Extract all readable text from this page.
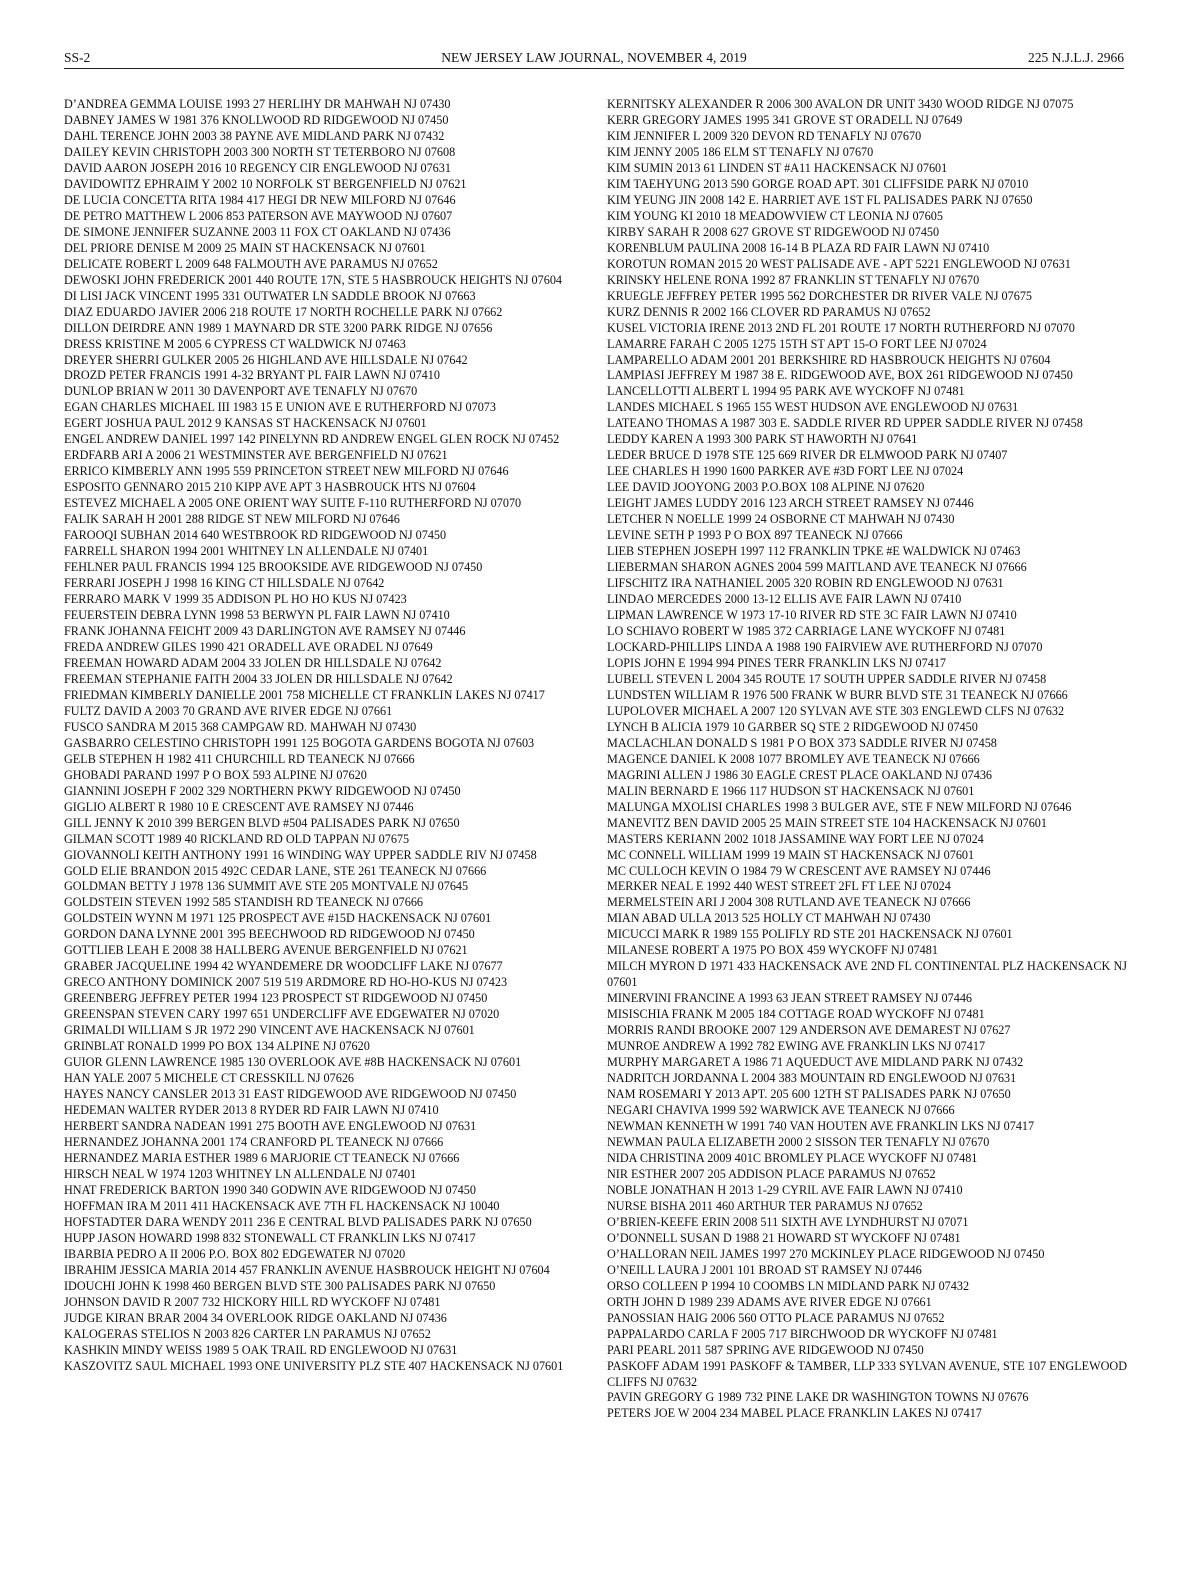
SS-2	NEW JERSEY LAW JOURNAL, NOVEMBER 4, 2019	225 N.J.L.J. 2966

D’ANDREA GEMMA LOUISE 1993 27 HERLIHY DR MAHWAH NJ 07430

DABNEY JAMES W 1981 376 KNOLLWOOD RD RIDGEWOOD NJ 07450

DAHL TERENCE JOHN 2003 38 PAYNE AVE MIDLAND PARK NJ 07432

DAILEY KEVIN CHRISTOPH 2003 300 NORTH ST TETERBORO NJ 07608

DAVID AARON JOSEPH 2016 10 REGENCY CIR ENGLEWOOD NJ 07631

DAVIDOWITZ EPHRAIM Y 2002 10 NORFOLK ST BERGENFIELD NJ 07621

DE LUCIA CONCETTA RITA 1984 417 HEGI DR NEW MILFORD NJ 07646

DE PETRO MATTHEW L 2006 853 PATERSON AVE MAYWOOD NJ 07607

DE SIMONE JENNIFER SUZANNE 2003 11 FOX CT OAKLAND NJ 07436

DEL PRIORE DENISE M 2009 25 MAIN ST HACKENSACK NJ 07601

DELICATE ROBERT L 2009 648 FALMOUTH AVE PARAMUS NJ 07652

DEWOSKI JOHN FREDERICK 2001 440 ROUTE 17N, STE 5 HASBROUCK HEIGHTS NJ 07604

DI LISI JACK VINCENT 1995 331 OUTWATER LN SADDLE BROOK NJ 07663

DIAZ EDUARDO JAVIER 2006 218 ROUTE 17 NORTH ROCHELLE PARK NJ 07662

DILLON DEIRDRE ANN 1989 1 MAYNARD DR STE 3200 PARK RIDGE NJ 07656

DRESS KRISTINE M 2005 6 CYPRESS CT WALDWICK NJ 07463

DREYER SHERRI GULKER 2005 26 HIGHLAND AVE HILLSDALE NJ 07642

DROZD PETER FRANCIS 1991 4-32 BRYANT PL FAIR LAWN NJ 07410

DUNLOP BRIAN W 2011 30 DAVENPORT AVE TENAFLY NJ 07670

EGAN CHARLES MICHAEL III 1983 15 E UNION AVE E RUTHERFORD NJ 07073

EGERT JOSHUA PAUL 2012 9 KANSAS ST HACKENSACK NJ 07601

ENGEL ANDREW DANIEL 1997 142 PINELYNN RD ANDREW ENGEL GLEN ROCK NJ 07452

ERDFARB ARI A 2006 21 WESTMINSTER AVE BERGENFIELD NJ 07621

ERRICO KIMBERLY ANN 1995 559 PRINCETON STREET NEW MILFORD NJ 07646

ESPOSITO GENNARO 2015 210 KIPP AVE APT 3 HASBROUCK HTS NJ 07604

ESTEVEZ MICHAEL A 2005 ONE ORIENT WAY SUITE F-110 RUTHERFORD NJ 07070

FALIK SARAH H 2001 288 RIDGE ST NEW MILFORD NJ 07646

FAROOQI SUBHAN 2014 640 WESTBROOK RD RIDGEWOOD NJ 07450

FARRELL SHARON 1994 2001 WHITNEY LN ALLENDALE NJ 07401

FEHLNER PAUL FRANCIS 1994 125 BROOKSIDE AVE RIDGEWOOD NJ 07450

FERRARI JOSEPH J 1998 16 KING CT HILLSDALE NJ 07642

FERRARO MARK V 1999 35 ADDISON PL HO HO KUS NJ 07423

FEUERSTEIN DEBRA LYNN 1998 53 BERWYN PL FAIR LAWN NJ 07410

FRANK JOHANNA FEICHT 2009 43 DARLINGTON AVE RAMSEY NJ 07446

FREDA ANDREW GILES 1990 421 ORADELL AVE ORADEL NJ 07649

FREEMAN HOWARD ADAM 2004 33 JOLEN DR HILLSDALE NJ 07642

FREEMAN STEPHANIE FAITH 2004 33 JOLEN DR HILLSDALE NJ 07642

FRIEDMAN KIMBERLY DANIELLE 2001 758 MICHELLE CT FRANKLIN LAKES NJ 07417

FULTZ DAVID A 2003 70 GRAND AVE RIVER EDGE NJ 07661

FUSCO SANDRA M 2015 368 CAMPGAW RD. MAHWAH NJ 07430

GASBARRO CELESTINO CHRISTOPH 1991 125 BOGOTA GARDENS BOGOTA NJ 07603

GELB STEPHEN H 1982 411 CHURCHILL RD TEANECK NJ 07666

GHOBADI PARAND 1997 P O BOX 593 ALPINE NJ 07620

GIANNINI JOSEPH F 2002 329 NORTHERN PKWY RIDGEWOOD NJ 07450

GIGLIO ALBERT R 1980 10 E CRESCENT AVE RAMSEY NJ 07446

GILL JENNY K 2010 399 BERGEN BLVD #504 PALISADES PARK NJ 07650

GILMAN SCOTT 1989 40 RICKLAND RD OLD TAPPAN NJ 07675

GIOVANNOLI KEITH ANTHONY 1991 16 WINDING WAY UPPER SADDLE RIV NJ 07458

GOLD ELIE BRANDON 2015 492C CEDAR LANE, STE 261 TEANECK NJ 07666

GOLDMAN BETTY J 1978 136 SUMMIT AVE STE 205 MONTVALE NJ 07645

GOLDSTEIN STEVEN 1992 585 STANDISH RD TEANECK NJ 07666

GOLDSTEIN WYNN M 1971 125 PROSPECT AVE #15D HACKENSACK NJ 07601

GORDON DANA LYNNE 2001 395 BEECHWOOD RD RIDGEWOOD NJ 07450

GOTTLIEB LEAH E 2008 38 HALLBERG AVENUE BERGENFIELD NJ 07621

GRABER JACQUELINE 1994 42 WYANDEMERE DR WOODCLIFF LAKE NJ 07677

GRECO ANTHONY DOMINICK 2007 519 519 ARDMORE RD HO-HO-KUS NJ 07423

GREENBERG JEFFREY PETER 1994 123 PROSPECT ST RIDGEWOOD NJ 07450

GREENSPAN STEVEN CARY 1997 651 UNDERCLIFF AVE EDGEWATER NJ 07020

GRIMALDI WILLIAM S JR 1972 290 VINCENT AVE HACKENSACK NJ 07601

GRINBLAT RONALD 1999 PO BOX 134 ALPINE NJ 07620

GUIOR GLENN LAWRENCE 1985 130 OVERLOOK AVE #8B HACKENSACK NJ 07601

HAN YALE 2007 5 MICHELE CT CRESSKILL NJ 07626

HAYES NANCY CANSLER 2013 31 EAST RIDGEWOOD AVE RIDGEWOOD NJ 07450

HEDEMAN WALTER RYDER 2013 8 RYDER RD FAIR LAWN NJ 07410

HERBERT SANDRA NADEAN 1991 275 BOOTH AVE ENGLEWOOD NJ 07631

HERNANDEZ JOHANNA 2001 174 CRANFORD PL TEANECK NJ 07666

HERNANDEZ MARIA ESTHER 1989 6 MARJORIE CT TEANECK NJ 07666

HIRSCH NEAL W 1974 1203 WHITNEY LN ALLENDALE NJ 07401

HNAT FREDERICK BARTON 1990 340 GODWIN AVE RIDGEWOOD NJ 07450

HOFFMAN IRA M 2011 411 HACKENSACK AVE 7TH FL HACKENSACK NJ 10040

HOFSTADTER DARA WENDY 2011 236 E CENTRAL BLVD PALISADES PARK NJ 07650

HUPP JASON HOWARD 1998 832 STONEWALL CT FRANKLIN LKS NJ 07417

IBARBIA PEDRO A II 2006 P.O. BOX 802 EDGEWATER NJ 07020

IBRAHIM JESSICA MARIA 2014 457 FRANKLIN AVENUE HASBROUCK HEIGHT NJ 07604

IDOUCHI JOHN K 1998 460 BERGEN BLVD STE 300 PALISADES PARK NJ 07650

JOHNSON DAVID R 2007 732 HICKORY HILL RD WYCKOFF NJ 07481

JUDGE KIRAN BRAR 2004 34 OVERLOOK RIDGE OAKLAND NJ 07436

KALOGERAS STELIOS N 2003 826 CARTER LN PARAMUS NJ 07652

KASHKIN MINDY WEISS 1989 5 OAK TRAIL RD ENGLEWOOD NJ 07631

KASZOVITZ SAUL MICHAEL 1993 ONE UNIVERSITY PLZ STE 407 HACKENSACK NJ 07601

KERNITSKY ALEXANDER R 2006 300 AVALON DR UNIT 3430 WOOD RIDGE NJ 07075

KERR GREGORY JAMES 1995 341 GROVE ST ORADELL NJ 07649

KIM JENNIFER L 2009 320 DEVON RD TENAFLY NJ 07670

KIM JENNY 2005 186 ELM ST TENAFLY NJ 07670

KIM SUMIN 2013 61 LINDEN ST #A11 HACKENSACK NJ 07601

KIM TAEHYUNG 2013 590 GORGE ROAD APT. 301 CLIFFSIDE PARK NJ 07010

KIM YEUNG JIN 2008 142 E. HARRIET AVE 1ST FL PALISADES PARK NJ 07650

KIM YOUNG KI 2010 18 MEADOWVIEW CT LEONIA NJ 07605

KIRBY SARAH R 2008 627 GROVE ST RIDGEWOOD NJ 07450

KORENBLUM PAULINA 2008 16-14 B PLAZA RD FAIR LAWN NJ 07410

KOROTUN ROMAN 2015 20 WEST PALISADE AVE - APT 5221 ENGLEWOOD NJ 07631

KRINSKY HELENE RONA 1992 87 FRANKLIN ST TENAFLY NJ 07670

KRUEGLE JEFFREY PETER 1995 562 DORCHESTER DR RIVER VALE NJ 07675

KURZ DENNIS R 2002 166 CLOVER RD PARAMUS NJ 07652

KUSEL VICTORIA IRENE 2013 2ND FL 201 ROUTE 17 NORTH RUTHERFORD NJ 07070

LAMARRE FARAH C 2005 1275 15TH ST APT 15-O FORT LEE NJ 07024

LAMPARELLO ADAM 2001 201 BERKSHIRE RD HASBROUCK HEIGHTS NJ 07604

LAMPIASI JEFFREY M 1987 38 E. RIDGEWOOD AVE, BOX 261 RIDGEWOOD NJ 07450

LANCELLOTTI ALBERT L 1994 95 PARK AVE WYCKOFF NJ 07481

LANDES MICHAEL S 1965 155 WEST HUDSON AVE ENGLEWOOD NJ 07631

LATEANO THOMAS A 1987 303 E. SADDLE RIVER RD UPPER SADDLE RIVER NJ 07458

LEDDY KAREN A 1993 300 PARK ST HAWORTH NJ 07641

LEDER BRUCE D 1978 STE 125 669 RIVER DR ELMWOOD PARK NJ 07407

LEE CHARLES H 1990 1600 PARKER AVE #3D FORT LEE NJ 07024

LEE DAVID JOOYONG 2003 P.O.BOX 108 ALPINE NJ 07620

LEIGHT JAMES LUDDY 2016 123 ARCH STREET RAMSEY NJ 07446

LETCHER N NOELLE 1999 24 OSBORNE CT MAHWAH NJ 07430

LEVINE SETH P 1993 P O BOX 897 TEANECK NJ 07666

LIEB STEPHEN JOSEPH 1997 112 FRANKLIN TPKE #E WALDWICK NJ 07463

LIEBERMAN SHARON AGNES 2004 599 MAITLAND AVE TEANECK NJ 07666

LIFSCHITZ IRA NATHANIEL 2005 320 ROBIN RD ENGLEWOOD NJ 07631

LINDAO MERCEDES 2000 13-12 ELLIS AVE FAIR LAWN NJ 07410

LIPMAN LAWRENCE W 1973 17-10 RIVER RD STE 3C FAIR LAWN NJ 07410

LO SCHIAVO ROBERT W 1985 372 CARRIAGE LANE WYCKOFF NJ 07481

LOCKARD-PHILLIPS LINDA A 1988 190 FAIRVIEW AVE RUTHERFORD NJ 07070

LOPIS JOHN E 1994 994 PINES TERR FRANKLIN LKS NJ 07417

LUBELL STEVEN L 2004 345 ROUTE 17 SOUTH UPPER SADDLE RIVER NJ 07458

LUNDSTEN WILLIAM R 1976 500 FRANK W BURR BLVD STE 31 TEANECK NJ 07666

LUPOLOVER MICHAEL A 2007 120 SYLVAN AVE STE 303 ENGLEWD CLFS NJ 07632

LYNCH B ALICIA 1979 10 GARBER SQ STE 2 RIDGEWOOD NJ 07450

MACLACHLAN DONALD S 1981 P O BOX 373 SADDLE RIVER NJ 07458

MAGENCE DANIEL K 2008 1077 BROMLEY AVE TEANECK NJ 07666

MAGRINI ALLEN J 1986 30 EAGLE CREST PLACE OAKLAND NJ 07436

MALIN BERNARD E 1966 117 HUDSON ST HACKENSACK NJ 07601

MALUNGA MXOLISI CHARLES 1998 3 BULGER AVE, STE F NEW MILFORD NJ 07646

MANEVITZ BEN DAVID 2005 25 MAIN STREET STE 104 HACKENSACK NJ 07601

MASTERS KERIANN 2002 1018 JASSAMINE WAY FORT LEE NJ 07024

MC CONNELL WILLIAM 1999 19 MAIN ST HACKENSACK NJ 07601

MC CULLOCH KEVIN O 1984 79 W CRESCENT AVE RAMSEY NJ 07446

MERKER NEAL E 1992 440 WEST STREET 2FL FT LEE NJ 07024

MERMELSTEIN ARI J 2004 308 RUTLAND AVE TEANECK NJ 07666

MIAN ABAD ULLA 2013 525 HOLLY CT MAHWAH NJ 07430

MICUCCI MARK R 1989 155 POLIFLY RD STE 201 HACKENSACK NJ 07601

MILANESE ROBERT A 1975 PO BOX 459 WYCKOFF NJ 07481

MILCH MYRON D 1971 433 HACKENSACK AVE 2ND FL CONTINENTAL PLZ HACKENSACK NJ 07601

MINERVINI FRANCINE A 1993 63 JEAN STREET RAMSEY NJ 07446

MISISCHIA FRANK M 2005 184 COTTAGE ROAD WYCKOFF NJ 07481

MORRIS RANDI BROOKE 2007 129 ANDERSON AVE DEMAREST NJ 07627

MUNROE ANDREW A 1992 782 EWING AVE FRANKLIN LKS NJ 07417

MURPHY MARGARET A 1986 71 AQUEDUCT AVE MIDLAND PARK NJ 07432

NADRITCH JORDANNA L 2004 383 MOUNTAIN RD ENGLEWOOD NJ 07631

NAM ROSEMARI Y 2013 APT. 205 600 12TH ST PALISADES PARK NJ 07650

NEGARI CHAVIVA 1999 592 WARWICK AVE TEANECK NJ 07666

NEWMAN KENNETH W 1991 740 VAN HOUTEN AVE FRANKLIN LKS NJ 07417

NEWMAN PAULA ELIZABETH 2000 2 SISSON TER TENAFLY NJ 07670

NIDA CHRISTINA 2009 401C BROMLEY PLACE WYCKOFF NJ 07481

NIR ESTHER 2007 205 ADDISON PLACE PARAMUS NJ 07652

NOBLE JONATHAN H 2013 1-29 CYRIL AVE FAIR LAWN NJ 07410

NURSE BISHA 2011 460 ARTHUR TER PARAMUS NJ 07652

O’BRIEN-KEEFE ERIN 2008 511 SIXTH AVE LYNDHURST NJ 07071

O’DONNELL SUSAN D 1988 21 HOWARD ST WYCKOFF NJ 07481

O’HALLORAN NEIL JAMES 1997 270 MCKINLEY PLACE RIDGEWOOD NJ 07450

O’NEILL LAURA J 2001 101 BROAD ST RAMSEY NJ 07446

ORSO COLLEEN P 1994 10 COOMBS LN MIDLAND PARK NJ 07432

ORTH JOHN D 1989 239 ADAMS AVE RIVER EDGE NJ 07661

PANOSSIAN HAIG 2006 560 OTTO PLACE PARAMUS NJ 07652

PAPPALARDO CARLA F 2005 717 BIRCHWOOD DR WYCKOFF NJ 07481

PARI PEARL 2011 587 SPRING AVE RIDGEWOOD NJ 07450

PASKOFF ADAM 1991 PASKOFF & TAMBER, LLP 333 SYLVAN AVENUE, STE 107 ENGLEWOOD CLIFFS NJ 07632

PAVIN GREGORY G 1989 732 PINE LAKE DR WASHINGTON TOWNS NJ 07676

PETERS JOE W 2004 234 MABEL PLACE FRANKLIN LAKES NJ 07417
